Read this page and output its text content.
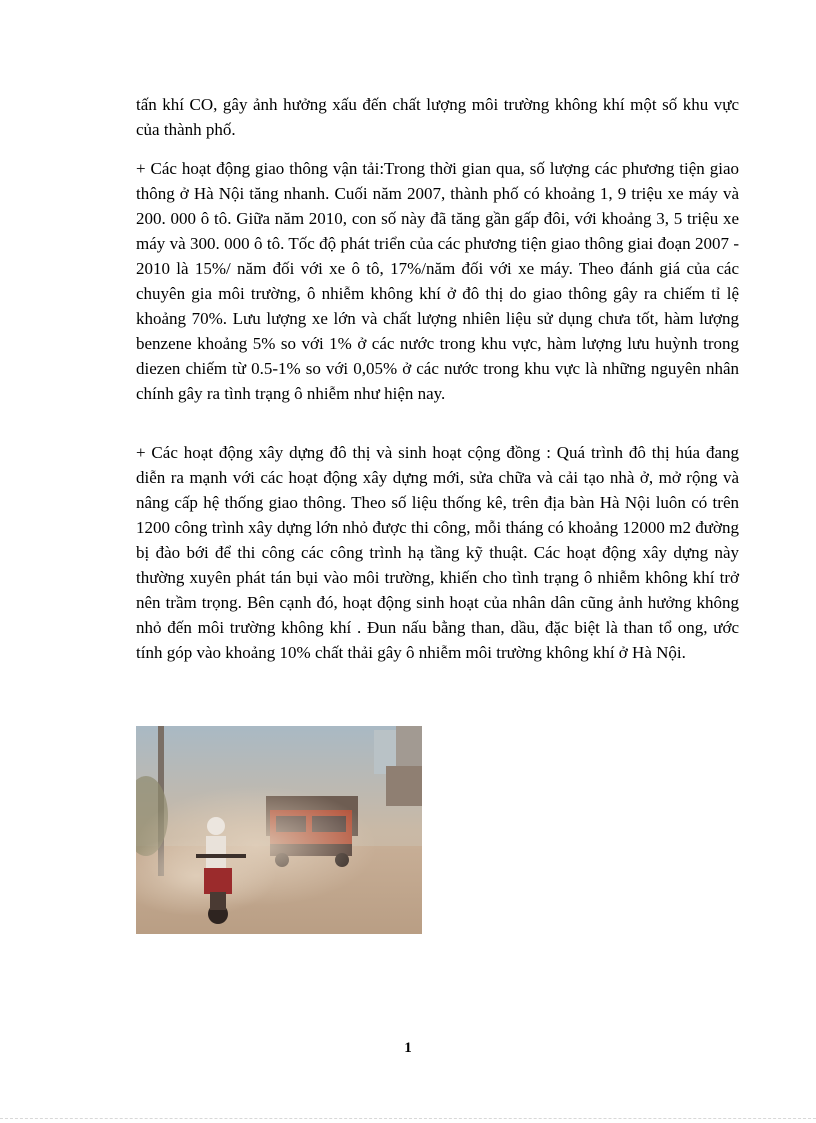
tấn khí CO, gây ảnh hưởng xấu đến chất lượng môi trường không khí một số khu vực của thành phố.
+ Các hoạt động giao thông vận tải:Trong thời gian qua, số lượng các phương tiện giao thông ở Hà Nội tăng nhanh. Cuối năm 2007, thành phố có khoảng 1, 9 triệu xe máy và 200. 000 ô tô. Giữa năm 2010, con số này đã tăng gần gấp đôi, với khoảng 3, 5 triệu xe máy và 300. 000 ô tô. Tốc độ phát triển của các phương tiện giao thông giai đoạn 2007 - 2010 là 15%/ năm đối với xe ô tô, 17%/năm đối với xe máy. Theo đánh giá của các chuyên gia môi trường, ô nhiễm không khí ở đô thị do giao thông gây ra chiếm tỉ lệ khoảng 70%. Lưu lượng xe lớn và chất lượng nhiên liệu sử dụng chưa tốt, hàm lượng benzene khoảng 5% so với 1% ở các nước trong khu vực, hàm lượng lưu huỳnh trong diezen chiếm từ 0.5-1% so với 0,05% ở các nước trong khu vực là những nguyên nhân chính gây ra tình trạng ô nhiễm như hiện nay.
+ Các hoạt động xây dựng đô thị và sinh hoạt cộng đồng : Quá trình đô thị húa đang diễn ra mạnh với các hoạt động xây dựng mới, sửa chữa và cải tạo nhà ở, mở rộng và nâng cấp hệ thống giao thông. Theo số liệu thống kê, trên địa bàn Hà Nội luôn có trên 1200 công trình xây dựng lớn nhỏ được thi công, mỗi tháng có khoảng 12000 m2 đường bị đào bới để thi công các công trình hạ tầng kỹ thuật. Các hoạt động xây dựng này thường xuyên phát tán bụi vào môi trường, khiến cho tình trạng ô nhiễm không khí trở nên trầm trọng. Bên cạnh đó, hoạt động sinh hoạt của nhân dân cũng ảnh hưởng không nhỏ đến môi trường không khí . Đun nấu bằng than, dầu, đặc biệt là than tổ ong, ước tính góp vào khoảng 10% chất thải gây ô nhiễm môi trường không khí ở Hà Nội.
1
